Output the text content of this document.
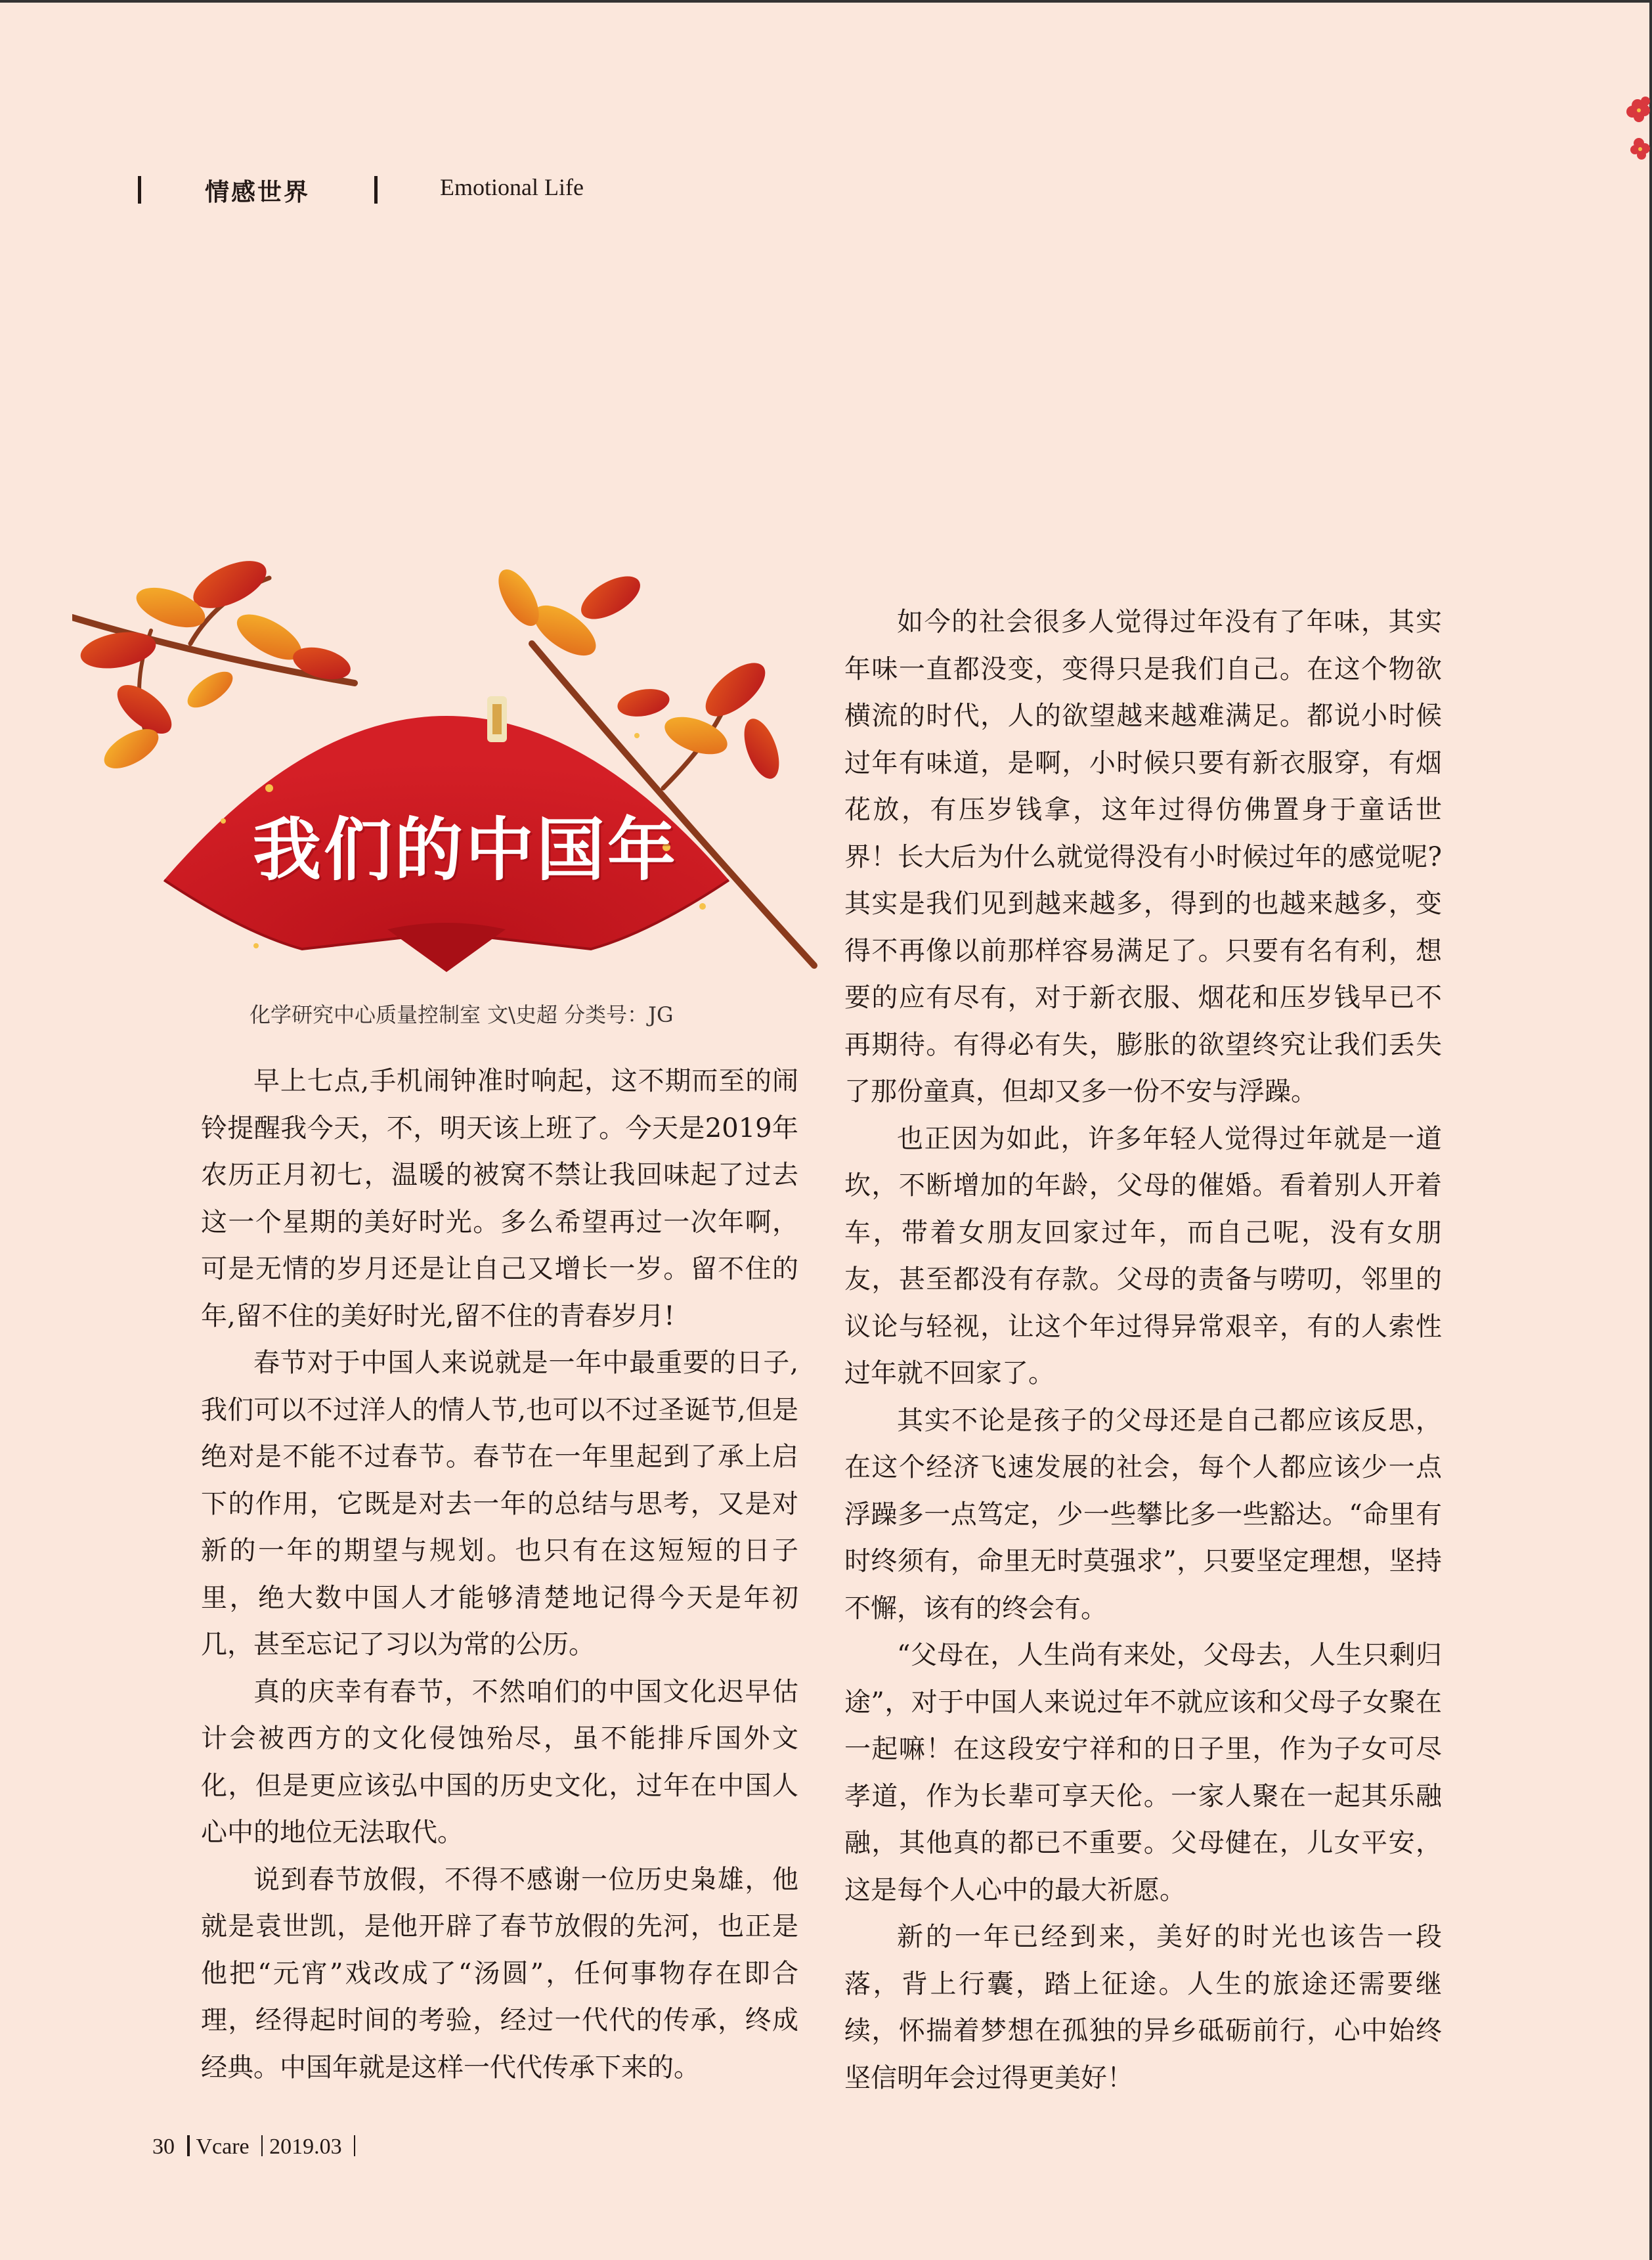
情感世界	Emotional Life
我们的中国年
化学研究中心质量控制室 文\史超 分类号：JG

早上七点,手机闹钟准时响起，这不期而至的闹铃提醒我今天，不，明天该上班了。今天是2019年农历正月初七，温暖的被窝不禁让我回味起了过去这一个星期的美好时光。多么希望再过一次年啊，可是无情的岁月还是让自己又增长一岁。留不住的年,留不住的美好时光,留不住的青春岁月!

春节对于中国人来说就是一年中最重要的日子,我们可以不过洋人的情人节,也可以不过圣诞节,但是绝对是不能不过春节。春节在一年里起到了承上启下的作用，它既是对去一年的总结与思考，又是对新的一年的期望与规划。也只有在这短短的日子里，绝大数中国人才能够清楚地记得今天是年初几，甚至忘记了习以为常的公历。

真的庆幸有春节，不然咱们的中国文化迟早估计会被西方的文化侵蚀殆尽，虽不能排斥国外文化，但是更应该弘中国的历史文化，过年在中国人心中的地位无法取代。

说到春节放假，不得不感谢一位历史枭雄，他就是袁世凯，是他开辟了春节放假的先河，也正是他把“元宵”戏改成了“汤圆”，任何事物存在即合理，经得起时间的考验，经过一代代的传承，终成经典。中国年就是这样一代代传承下来的。

如今的社会很多人觉得过年没有了年味，其实年味一直都没变，变得只是我们自己。在这个物欲横流的时代，人的欲望越来越难满足。都说小时候过年有味道，是啊，小时候只要有新衣服穿，有烟花放，有压岁钱拿，这年过得仿佛置身于童话世界！长大后为什么就觉得没有小时候过年的感觉呢?其实是我们见到越来越多，得到的也越来越多，变得不再像以前那样容易满足了。只要有名有利，想要的应有尽有，对于新衣服、烟花和压岁钱早已不再期待。有得必有失，膨胀的欲望终究让我们丢失了那份童真，但却又多一份不安与浮躁。

也正因为如此，许多年轻人觉得过年就是一道坎，不断增加的年龄，父母的催婚。看着别人开着车，带着女朋友回家过年，而自己呢，没有女朋友，甚至都没有存款。父母的责备与唠叨，邻里的议论与轻视，让这个年过得异常艰辛，有的人索性过年就不回家了。

其实不论是孩子的父母还是自己都应该反思，在这个经济飞速发展的社会，每个人都应该少一点浮躁多一点笃定，少一些攀比多一些豁达。“命里有时终须有，命里无时莫强求”，只要坚定理想，坚持不懈，该有的终会有。

“父母在，人生尚有来处，父母去，人生只剩归途”，对于中国人来说过年不就应该和父母子女聚在一起嘛！在这段安宁祥和的日子里，作为子女可尽孝道，作为长辈可享天伦。一家人聚在一起其乐融融，其他真的都已不重要。父母健在，儿女平安，这是每个人心中的最大祈愿。

新的一年已经到来，美好的时光也该告一段落，背上行囊，踏上征途。人生的旅途还需要继续，怀揣着梦想在孤独的异乡砥砺前行，心中始终坚信明年会过得更美好！

30 Vcare 2019.03
